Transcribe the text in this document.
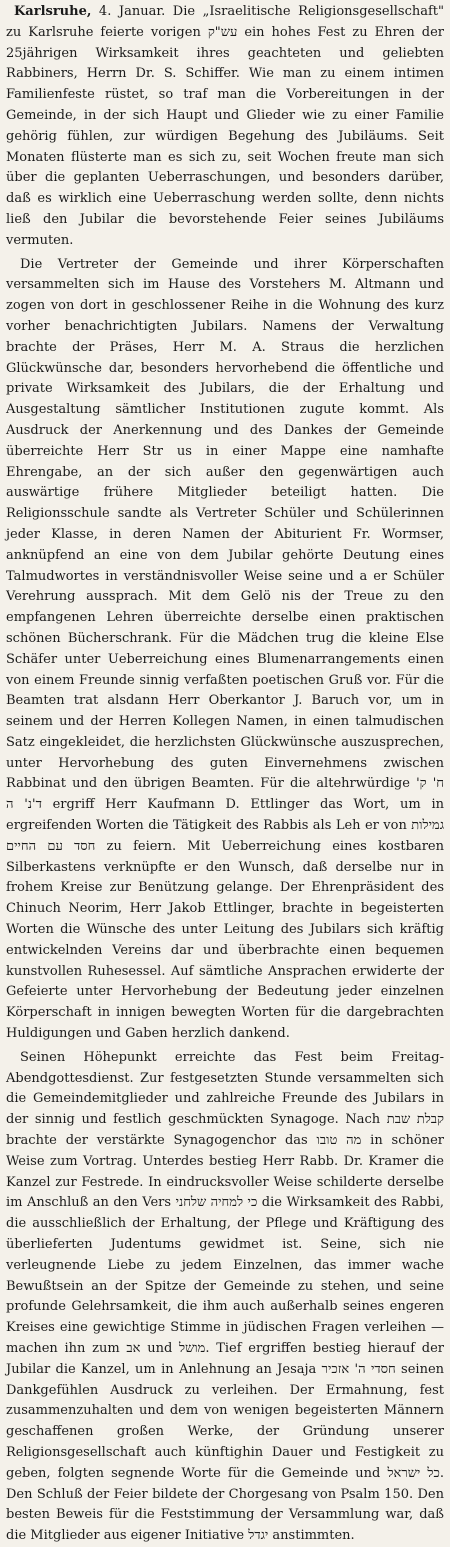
Karlsruhe, 4. Januar. Die „Israelitische Religionsgesellschaft" zu Karlsruhe feierte vorigen עש"ק ein hohes Fest zu Ehren der 25jährigen Wirksamkeit ihres geachteten und geliebten Rabbiners, Herrn Dr. S. Schiffer. Wie man zu einem intimen Familienfeste rüstet, so traf man die Vorbereitungen in der Gemeinde, in der sich Haupt und Glieder wie zu einer Familie gehörig fühlen, zur würdigen Begehung des Jubiläums. Seit Monaten flüsterte man es sich zu, seit Wochen freute man sich über die geplanten Ueberraschungen, und besonders darüber, daß es wirklich eine Ueberraschung werden sollte, denn nichts ließ den Jubilar die bevorstehende Feier seines Jubiläums vermuten.

Die Vertreter der Gemeinde und ihrer Körperschaften versammelten sich im Hause des Vorstehers M. Altmann und zogen von dort in geschlossener Reihe in die Wohnung des kurz vorher benachrichtigten Jubilars. Namens der Verwaltung brachte der Präses, Herr M. A. Straus die herzlichen Glückwünsche dar, besonders hervorhebend die öffentliche und private Wirksamkeit des Jubilars, die der Erhaltung und Ausgestaltung sämtlicher Institutionen zugute kommt. Als Ausdruck der Anerkennung und des Dankes der Gemeinde überreichte Herr Str us in einer Mappe eine namhafte Ehrengabe, an der sich außer den gegenwärtigen auch auswärtige frühere Mitglieder beteiligt hatten. Die Religionsschule sandte als Vertreter Schüler und Schülerinnen jeder Klasse, in deren Namen der Abiturient Fr. Wormser, anknüpfend an eine von dem Jubilar gehörte Deutung eines Talmudwortes in verständnisvoller Weise seine und a er Schüler Verehrung aussprach. Mit dem Gelö nis der Treue zu den empfangenen Lehren überreichte derselbe einen praktischen schönen Bücherschrank. Für die Mädchen trug die kleine Else Schäfer unter Ueberreichung eines Blumenarrangements einen von einem Freunde sinnig verfaßten poetischen Gruß vor. Für die Beamten trat alsdann Herr Oberkantor J. Baruch vor, um in seinem und der Herren Kollegen Namen, in einen talmudischen Satz eingekleidet, die herzlichsten Glückwünsche auszusprechen, unter Hervorhebung des guten Einvernehmens zwischen Rabbinat und den übrigen Beamten. Für die altehrwürdige ח' ק' ד'נ' ה ergriff Herr Kaufmann D. Ettlinger das Wort, um in ergreifenden Worten die Tätigkeit des Rabbis als Leh er von גמילות חסד עם החיים zu feiern. Mit Ueberreichung eines kostbaren Silberkastens verknüpfte er den Wunsch, daß derselbe nur in frohem Kreise zur Benützung gelange. Der Ehrenpräsident des Chinuch Neorim, Herr Jakob Ettlinger, brachte in begeisterten Worten die Wünsche des unter Leitung des Jubilars sich kräftig entwickelnden Vereins dar und überbrachte einen bequemen kunstvollen Ruhesessel. Auf sämtliche Ansprachen erwiderte der Gefeierte unter Hervorhebung der Bedeutung jeder einzelnen Körperschaft in innigen bewegten Worten für die dargebrachten Huldigungen und Gaben herzlich dankend.

Seinen Höhepunkt erreichte das Fest beim Freitag-Abendgottesdienst. Zur festgesetzten Stunde versammelten sich die Gemeindemitglieder und zahlreiche Freunde des Jubilars in der sinnig und festlich geschmückten Synagoge. Nach קבלת שבת brachte der verstärkte Synagogenchor das מה טובו in schöner Weise zum Vortrag. Unterdes bestieg Herr Rabb. Dr. Kramer die Kanzel zur Festrede. In eindrucksvoller Weise schilderte derselbe im Anschluß an den Vers כי למחיה שלחני die Wirksamkeit des Rabbi, die ausschließlich der Erhaltung, der Pflege und Kräftigung des überlieferten Judentums gewidmet ist. Seine, sich nie verleugnende Liebe zu jedem Einzelnen, das immer wache Bewußtsein an der Spitze der Gemeinde zu stehen, und seine profunde Gelehrsamkeit, die ihm auch außerhalb seines engeren Kreises eine gewichtige Stimme in jüdischen Fragen verleihen — machen ihn zum אב und מושל. Tief ergriffen bestieg hierauf der Jubilar die Kanzel, um in Anlehnung an Jesaja חסדי ה' אזכיר seinen Dankgefühlen Ausdruck zu verleihen. Der Ermahnung, fest zusammenzuhalten und dem von wenigen begeisterten Männern geschaffenen großen Werke, der Gründung unserer Religionsgesellschaft auch künftighin Dauer und Festigkeit zu geben, folgten segnende Worte für die Gemeinde und כל ישראל. Den Schluß der Feier bildete der Chorgesang von Psalm 150. Den besten Beweis für die Feststimmung der Versammlung war, daß die Mitglieder aus eigener Initiative יגדל anstimmten.
